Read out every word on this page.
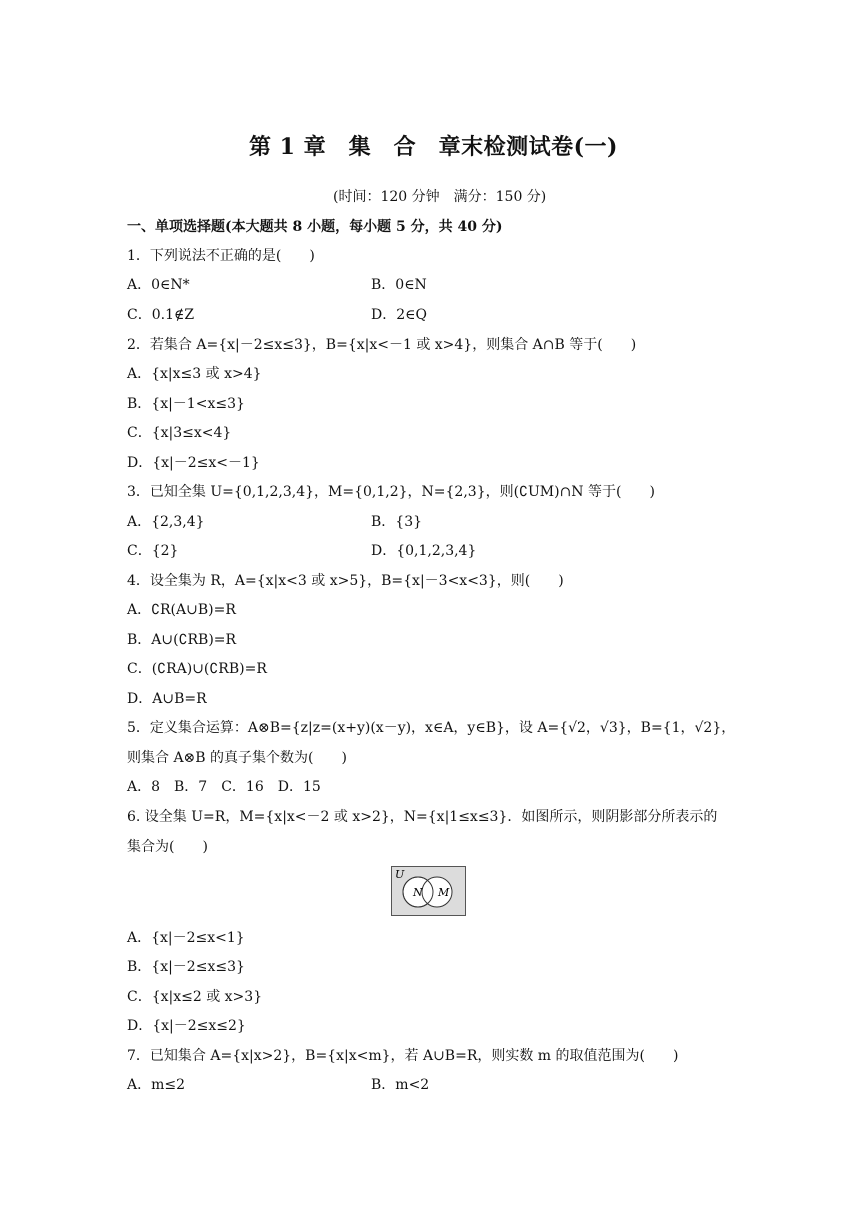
第 1 章　集　合　章末检测试卷(一)
(时间：120 分钟　满分：150 分)
一、单项选择题(本大题共 8 小题，每小题 5 分，共 40 分)
1．下列说法不正确的是(　　)
A．0∈N*	B．0∈N
C．0.1∉Z	D．2∈Q
2．若集合 A={x|－2≤x≤3}，B={x|x<－1 或 x>4}，则集合 A∩B 等于(　　)
A．{x|x≤3 或 x>4}
B．{x|－1<x≤3}
C．{x|3≤x<4}
D．{x|－2≤x<－1}
3．已知全集 U={0,1,2,3,4}，M={0,1,2}，N={2,3}，则(∁UM)∩N 等于(　　)
A．{2,3,4}	B．{3}
C．{2}	D．{0,1,2,3,4}
4．设全集为 R，A={x|x<3 或 x>5}，B={x|－3<x<3}，则(　　)
A．∁R(A∪B)=R
B．A∪(∁RB)=R
C．(∁RA)∪(∁RB)=R
D．A∪B=R
5．定义集合运算：A⊗B={z|z=(x+y)(x－y)，x∈A，y∈B}，设 A={√2，√3}，B={1，√2}，
则集合 A⊗B 的真子集个数为(　　)
A．8　B．7　C．16　D．15
6. 设全集 U=R，M={x|x<－2 或 x>2}，N={x|1≤x≤3}．如图所示，则阴影部分所表示的
集合为(　　)
U
N M
A．{x|－2≤x<1}
B．{x|－2≤x≤3}
C．{x|x≤2 或 x>3}
D．{x|－2≤x≤2}
7．已知集合 A={x|x>2}，B={x|x<m}，若 A∪B=R，则实数 m 的取值范围为(　　)
A．m≤2	B．m<2
